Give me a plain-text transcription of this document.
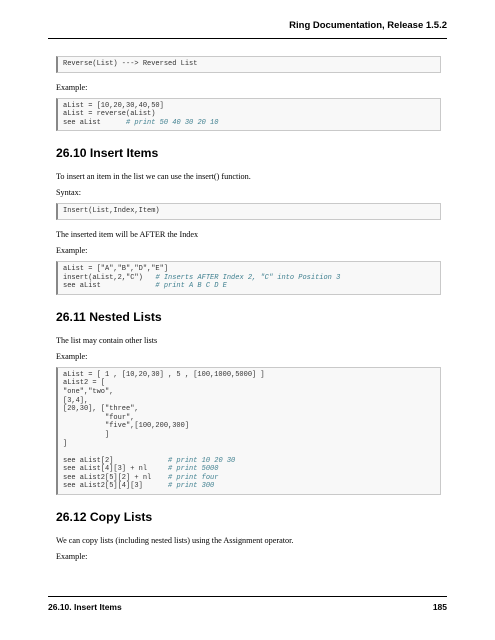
Ring Documentation, Release 1.5.2
Reverse(List) ---> Reversed List
Example:
aList = [10,20,30,40,50]
aList = reverse(aList)
see aList	# print 50 40 30 20 10
26.10 Insert Items
To insert an item in the list we can use the insert() function.
Syntax:
Insert(List,Index,Item)
The inserted item will be AFTER the Index
Example:
aList = ["A","B","D","E"]
insert(aList,2,"C") # Inserts AFTER Index 2, "C" into Position 3
see aList	# print A B C D E
26.11 Nested Lists
The list may contain other lists
Example:
aList = [ 1 , [10,20,30] , 5 , [100,1000,5000] ]
aList2 = [
"one","two",
[3,4],
[20,30], ["three",
"four",
"five",[100,200,300]
]
]

see aList[2]	# print 10 20 30
see aList[4][3] + nl	# print 5000
see aList2[5][2] + nl # print four
see aList2[5][4][3]	# print 300
26.12 Copy Lists
We can copy lists (including nested lists) using the Assignment operator.
Example:
26.10. Insert Items	185
